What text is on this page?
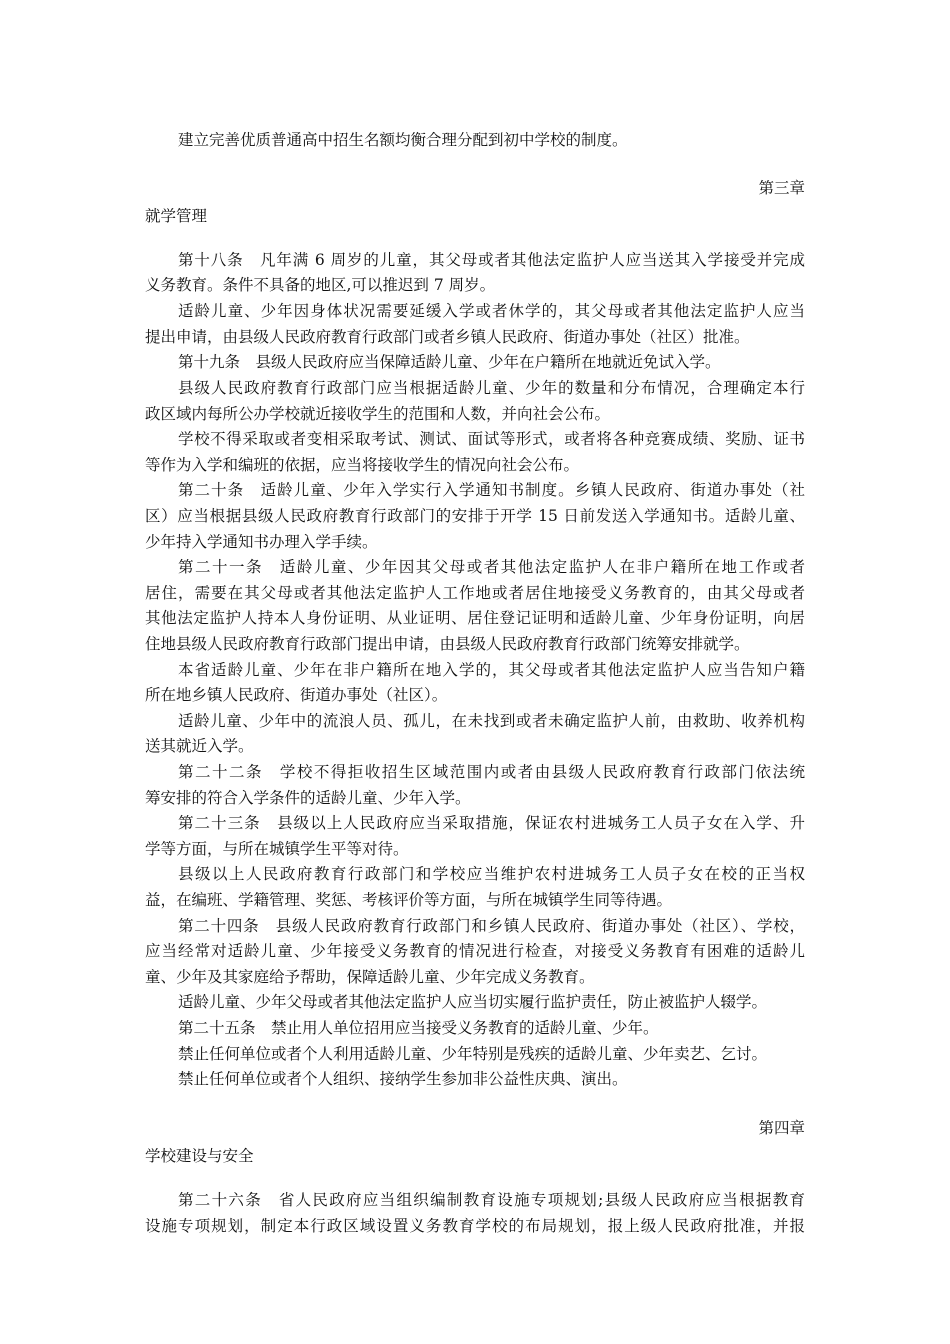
建立完善优质普通高中招生名额均衡合理分配到初中学校的制度。
第三章
就学管理
第十八条　凡年满 6 周岁的儿童，其父母或者其他法定监护人应当送其入学接受并完成
义务教育。条件不具备的地区,可以推迟到 7 周岁。
适龄儿童、少年因身体状况需要延缓入学或者休学的，其父母或者其他法定监护人应当
提出申请，由县级人民政府教育行政部门或者乡镇人民政府、街道办事处（社区）批准。
第十九条　县级人民政府应当保障适龄儿童、少年在户籍所在地就近免试入学。
县级人民政府教育行政部门应当根据适龄儿童、少年的数量和分布情况，合理确定本行
政区域内每所公办学校就近接收学生的范围和人数，并向社会公布。
学校不得采取或者变相采取考试、测试、面试等形式，或者将各种竞赛成绩、奖励、证书
等作为入学和编班的依据，应当将接收学生的情况向社会公布。
第二十条　适龄儿童、少年入学实行入学通知书制度。乡镇人民政府、街道办事处（社
区）应当根据县级人民政府教育行政部门的安排于开学 15 日前发送入学通知书。适龄儿童、
少年持入学通知书办理入学手续。
第二十一条　适龄儿童、少年因其父母或者其他法定监护人在非户籍所在地工作或者
居住，需要在其父母或者其他法定监护人工作地或者居住地接受义务教育的，由其父母或者
其他法定监护人持本人身份证明、从业证明、居住登记证明和适龄儿童、少年身份证明，向居
住地县级人民政府教育行政部门提出申请，由县级人民政府教育行政部门统筹安排就学。
本省适龄儿童、少年在非户籍所在地入学的，其父母或者其他法定监护人应当告知户籍
所在地乡镇人民政府、街道办事处（社区）。
适龄儿童、少年中的流浪人员、孤儿，在未找到或者未确定监护人前，由救助、收养机构
送其就近入学。
第二十二条　学校不得拒收招生区域范围内或者由县级人民政府教育行政部门依法统
筹安排的符合入学条件的适龄儿童、少年入学。
第二十三条　县级以上人民政府应当采取措施，保证农村进城务工人员子女在入学、升
学等方面，与所在城镇学生平等对待。
县级以上人民政府教育行政部门和学校应当维护农村进城务工人员子女在校的正当权
益，在编班、学籍管理、奖惩、考核评价等方面，与所在城镇学生同等待遇。
第二十四条　县级人民政府教育行政部门和乡镇人民政府、街道办事处（社区）、学校，
应当经常对适龄儿童、少年接受义务教育的情况进行检查，对接受义务教育有困难的适龄儿
童、少年及其家庭给予帮助，保障适龄儿童、少年完成义务教育。
适龄儿童、少年父母或者其他法定监护人应当切实履行监护责任，防止被监护人辍学。
第二十五条　禁止用人单位招用应当接受义务教育的适龄儿童、少年。
禁止任何单位或者个人利用适龄儿童、少年特别是残疾的适龄儿童、少年卖艺、乞讨。
禁止任何单位或者个人组织、接纳学生参加非公益性庆典、演出。
第四章
学校建设与安全
第二十六条　省人民政府应当组织编制教育设施专项规划;县级人民政府应当根据教育
设施专项规划，制定本行政区域设置义务教育学校的布局规划，报上级人民政府批准，并报
